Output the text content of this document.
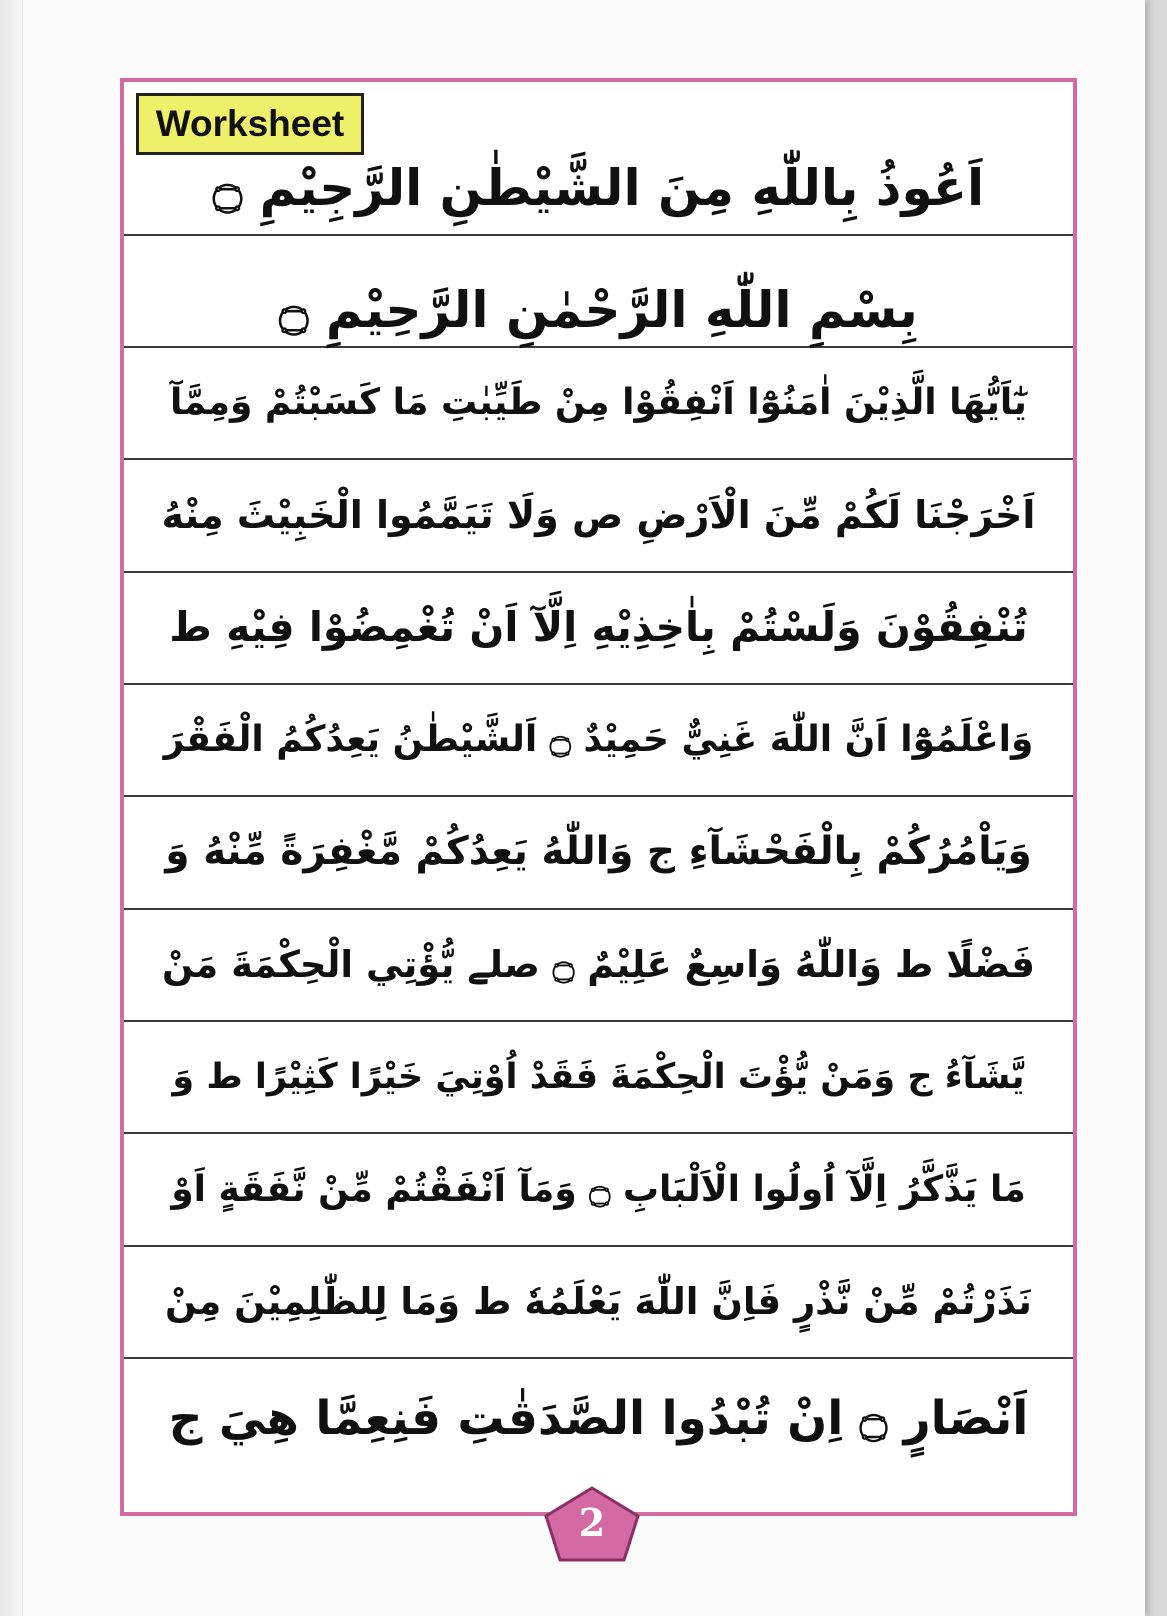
اَعُوذُ بِاللّٰهِ مِنَ الشَّيْطٰنِ الرَّجِيْمِ ۝
بِسْمِ اللّٰهِ الرَّحْمٰنِ الرَّحِيْمِ ۝
يٰٓاَيُّهَا الَّذِيْنَ اٰمَنُوْٓا اَنْفِقُوْا مِنْ طَيِّبٰتِ مَا كَسَبْتُمْ وَمِمَّآ
اَخْرَجْنَا لَكُمْ مِّنَ الْاَرْضِ ص وَلَا تَيَمَّمُوا الْخَبِيْثَ مِنْهُ
تُنْفِقُوْنَ وَلَسْتُمْ بِاٰخِذِيْهِ اِلَّآ اَنْ تُغْمِضُوْا فِيْهِ ط
وَاعْلَمُوْٓا اَنَّ اللّٰهَ غَنِيٌّ حَمِيْدٌ ۝ اَلشَّيْطٰنُ يَعِدُكُمُ الْفَقْرَ
وَيَاْمُرُكُمْ بِالْفَحْشَآءِ ج وَاللّٰهُ يَعِدُكُمْ مَّغْفِرَةً مِّنْهُ وَ
فَضْلًا ط وَاللّٰهُ وَاسِعٌ عَلِيْمٌ ۝ صلے يُّؤْتِي الْحِكْمَةَ مَنْ
يَّشَآءُ ج وَمَنْ يُّؤْتَ الْحِكْمَةَ فَقَدْ اُوْتِيَ خَيْرًا كَثِيْرًا ط وَ
مَا يَذَّكَّرُ اِلَّآ اُولُوا الْاَلْبَابِ ۝ وَمَآ اَنْفَقْتُمْ مِّنْ نَّفَقَةٍ اَوْ
نَذَرْتُمْ مِّنْ نَّذْرٍ فَاِنَّ اللّٰهَ يَعْلَمُهٗ ط وَمَا لِلظّٰلِمِيْنَ مِنْ
اَنْصَارٍ ۝ اِنْ تُبْدُوا الصَّدَقٰتِ فَنِعِمَّا هِيَ ج
Worksheet
2
